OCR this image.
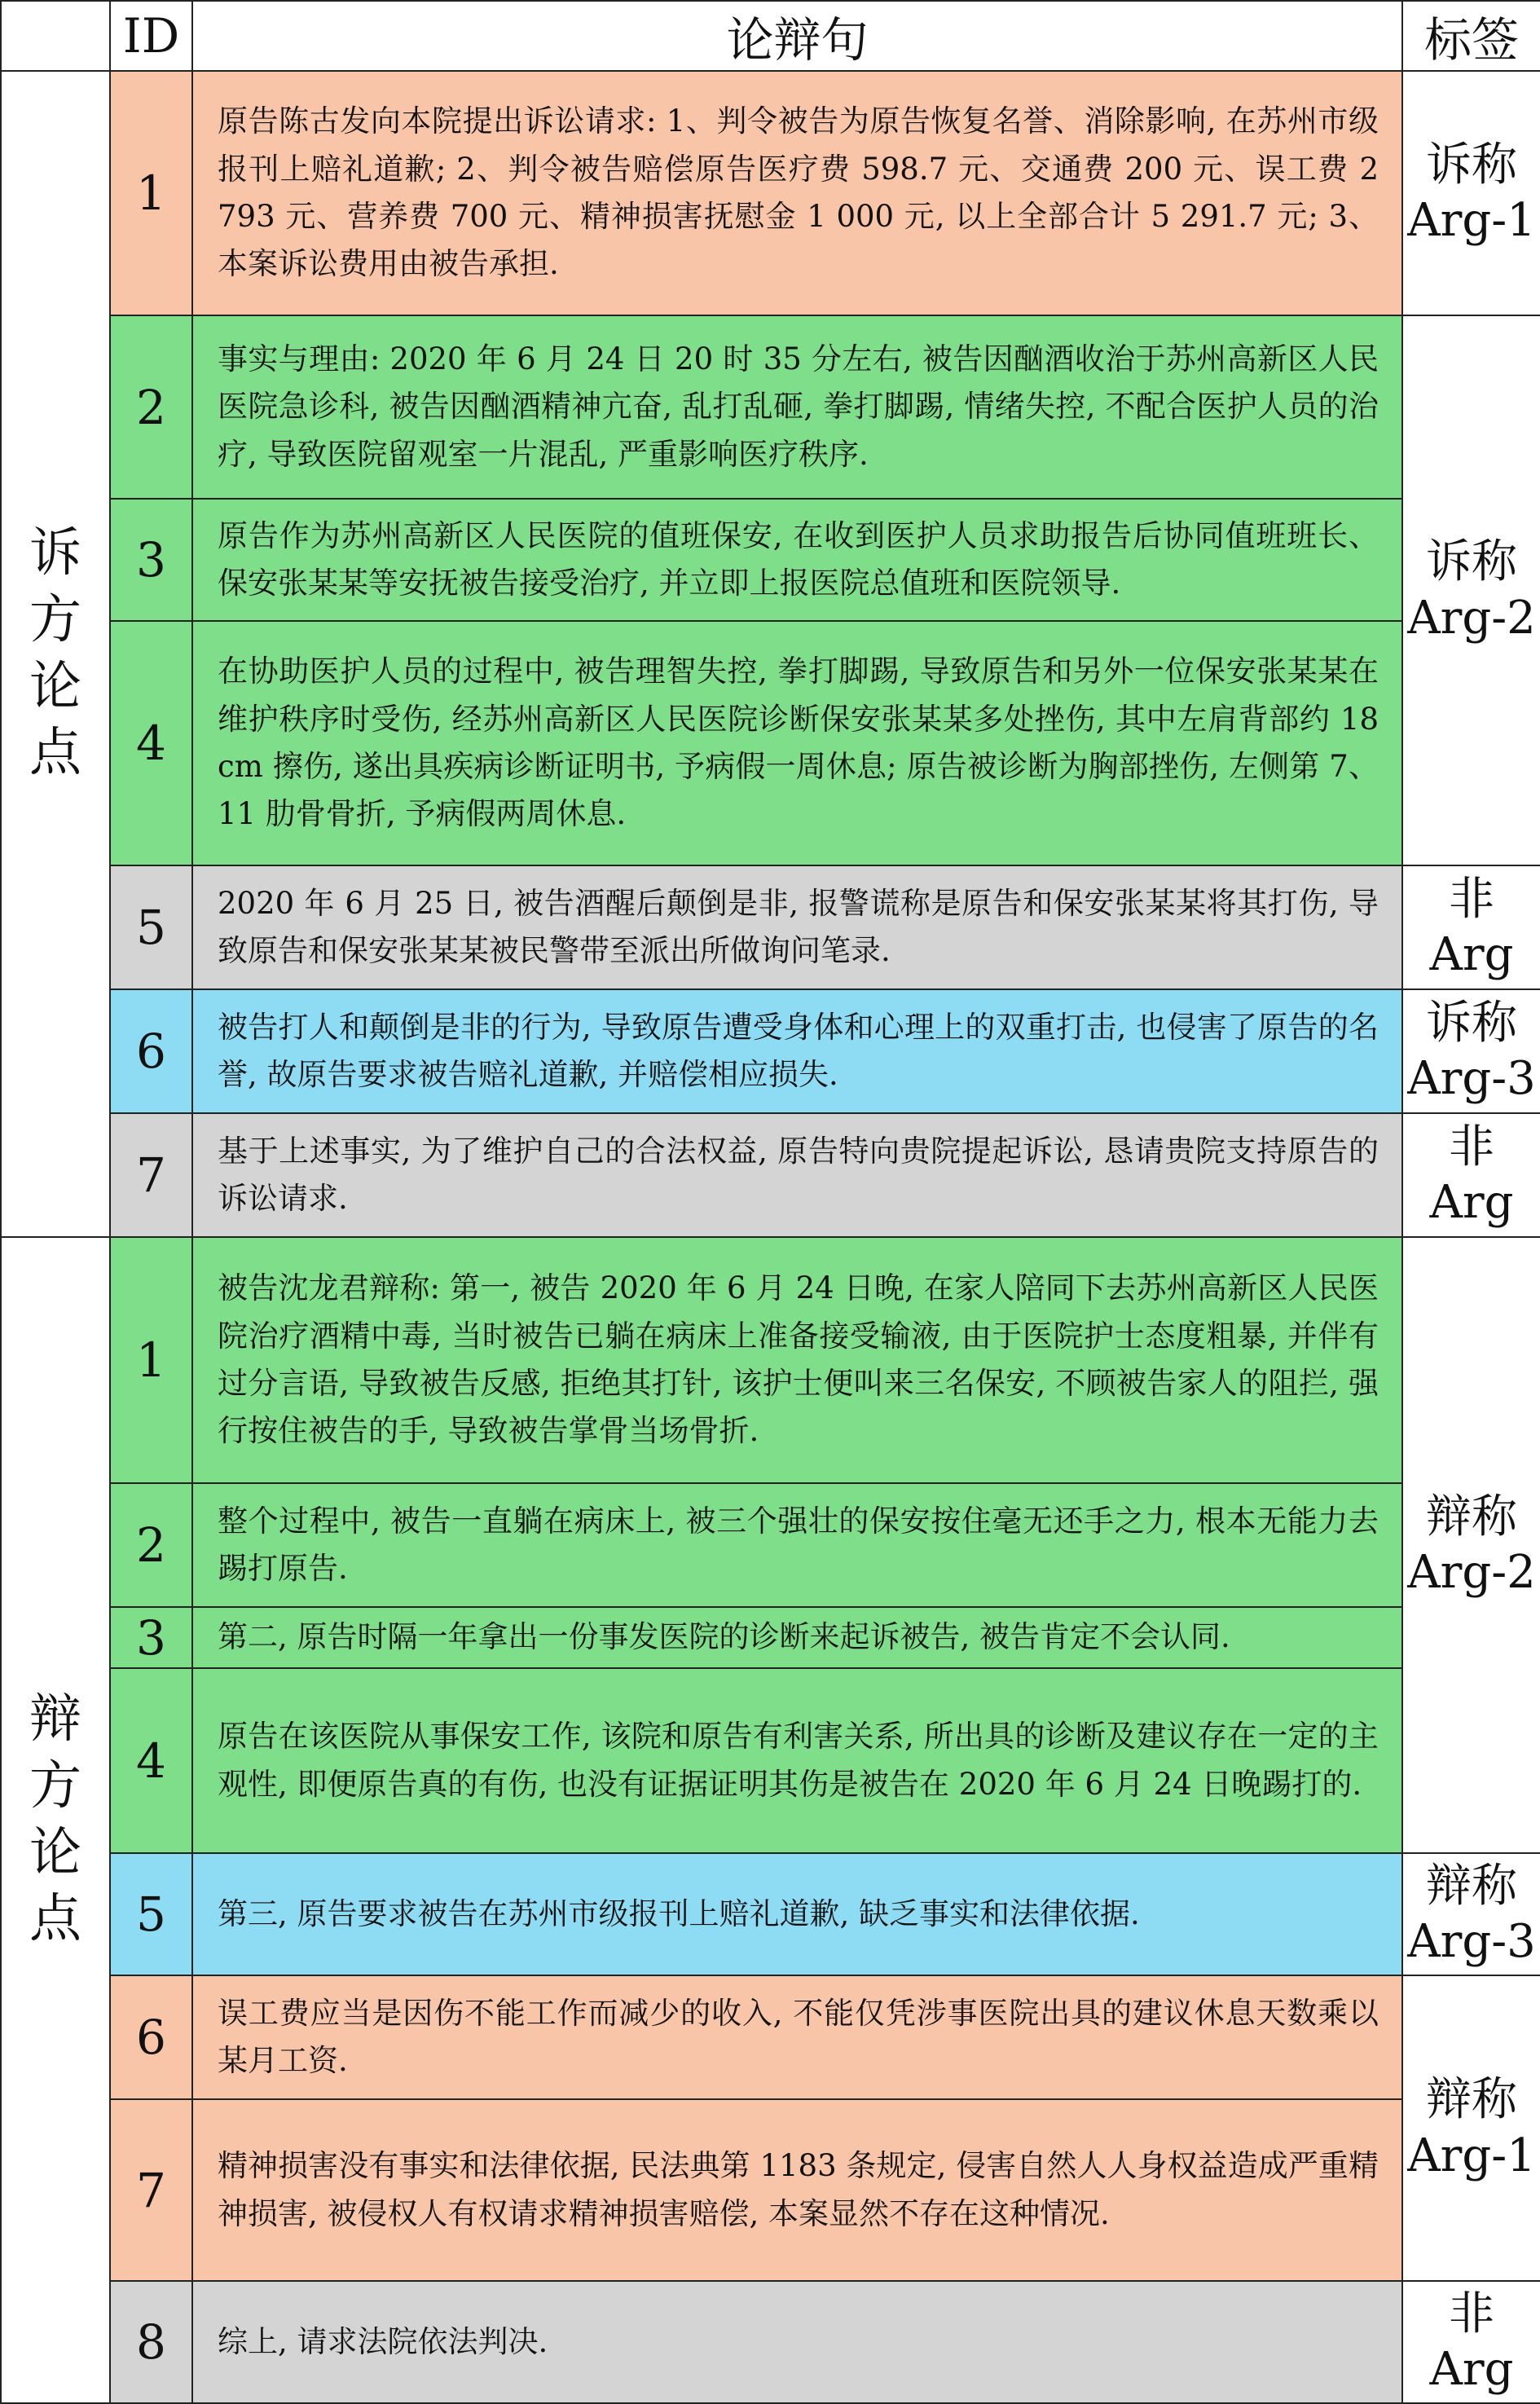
	ID	论辩句	标签
诉方论点	1	原告陈古发向本院提出诉讼请求: 1、判令被告为原告恢复名誉、消除影响, 在苏州市级报刊上赔礼道歉; 2、判令被告赔偿原告医疗费 598.7 元、交通费 200 元、误工费 2 793 元、营养费 700 元、精神损害抚慰金 1 000 元, 以上全部合计 5 291.7 元; 3、本案诉讼费用由被告承担.	诉称
Arg-1

	2	事实与理由: 2020 年 6 月 24 日 20 时 35 分左右, 被告因酗酒收治于苏州高新区人民医院急诊科, 被告因酗酒精神亢奋, 乱打乱砸, 拳打脚踢, 情绪失控, 不配合医护人员的治疗, 导致医院留观室一片混乱, 严重影响医疗秩序.	诉称
Arg-2

	3	原告作为苏州高新区人民医院的值班保安, 在收到医护人员求助报告后协同值班班长、保安张某某等安抚被告接受治疗, 并立即上报医院总值班和医院领导.	
	4	在协助医护人员的过程中, 被告理智失控, 拳打脚踢, 导致原告和另外一位保安张某某在维护秩序时受伤, 经苏州高新区人民医院诊断保安张某某多处挫伤, 其中左肩背部约 18 cm 擦伤, 遂出具疾病诊断证明书, 予病假一周休息; 原告被诊断为胸部挫伤, 左侧第 7、11 肋骨骨折, 予病假两周休息.	
	5	2020 年 6 月 25 日, 被告酒醒后颠倒是非, 报警谎称是原告和保安张某某将其打伤, 导致原告和保安张某某被民警带至派出所做询问笔录.	非
Arg

	6	被告打人和颠倒是非的行为, 导致原告遭受身体和心理上的双重打击, 也侵害了原告的名誉, 故原告要求被告赔礼道歉, 并赔偿相应损失.	诉称
Arg-3

	7	基于上述事实, 为了维护自己的合法权益, 原告特向贵院提起诉讼, 恳请贵院支持原告的诉讼请求.	非
Arg

辩方论点	1	被告沈龙君辩称: 第一, 被告 2020 年 6 月 24 日晚, 在家人陪同下去苏州高新区人民医院治疗酒精中毒, 当时被告已躺在病床上准备接受输液, 由于医院护士态度粗暴, 并伴有过分言语, 导致被告反感, 拒绝其打针, 该护士便叫来三名保安, 不顾被告家人的阻拦, 强行按住被告的手, 导致被告掌骨当场骨折.	辩称
Arg-2

	2	整个过程中, 被告一直躺在病床上, 被三个强壮的保安按住毫无还手之力, 根本无能力去踢打原告.	
	3	第二, 原告时隔一年拿出一份事发医院的诊断来起诉被告, 被告肯定不会认同.	
	4	原告在该医院从事保安工作, 该院和原告有利害关系, 所出具的诊断及建议存在一定的主观性, 即便原告真的有伤, 也没有证据证明其伤是被告在 2020 年 6 月 24 日晚踢打的.	
	5	第三, 原告要求被告在苏州市级报刊上赔礼道歉, 缺乏事实和法律依据.	辩称
Arg-3

	6	误工费应当是因伤不能工作而减少的收入, 不能仅凭涉事医院出具的建议休息天数乘以某月工资.	辩称
Arg-1

	7	精神损害没有事实和法律依据, 民法典第 1183 条规定, 侵害自然人人身权益造成严重精神损害, 被侵权人有权请求精神损害赔偿, 本案显然不存在这种情况.	
	8	综上, 请求法院依法判决.	非
Arg
